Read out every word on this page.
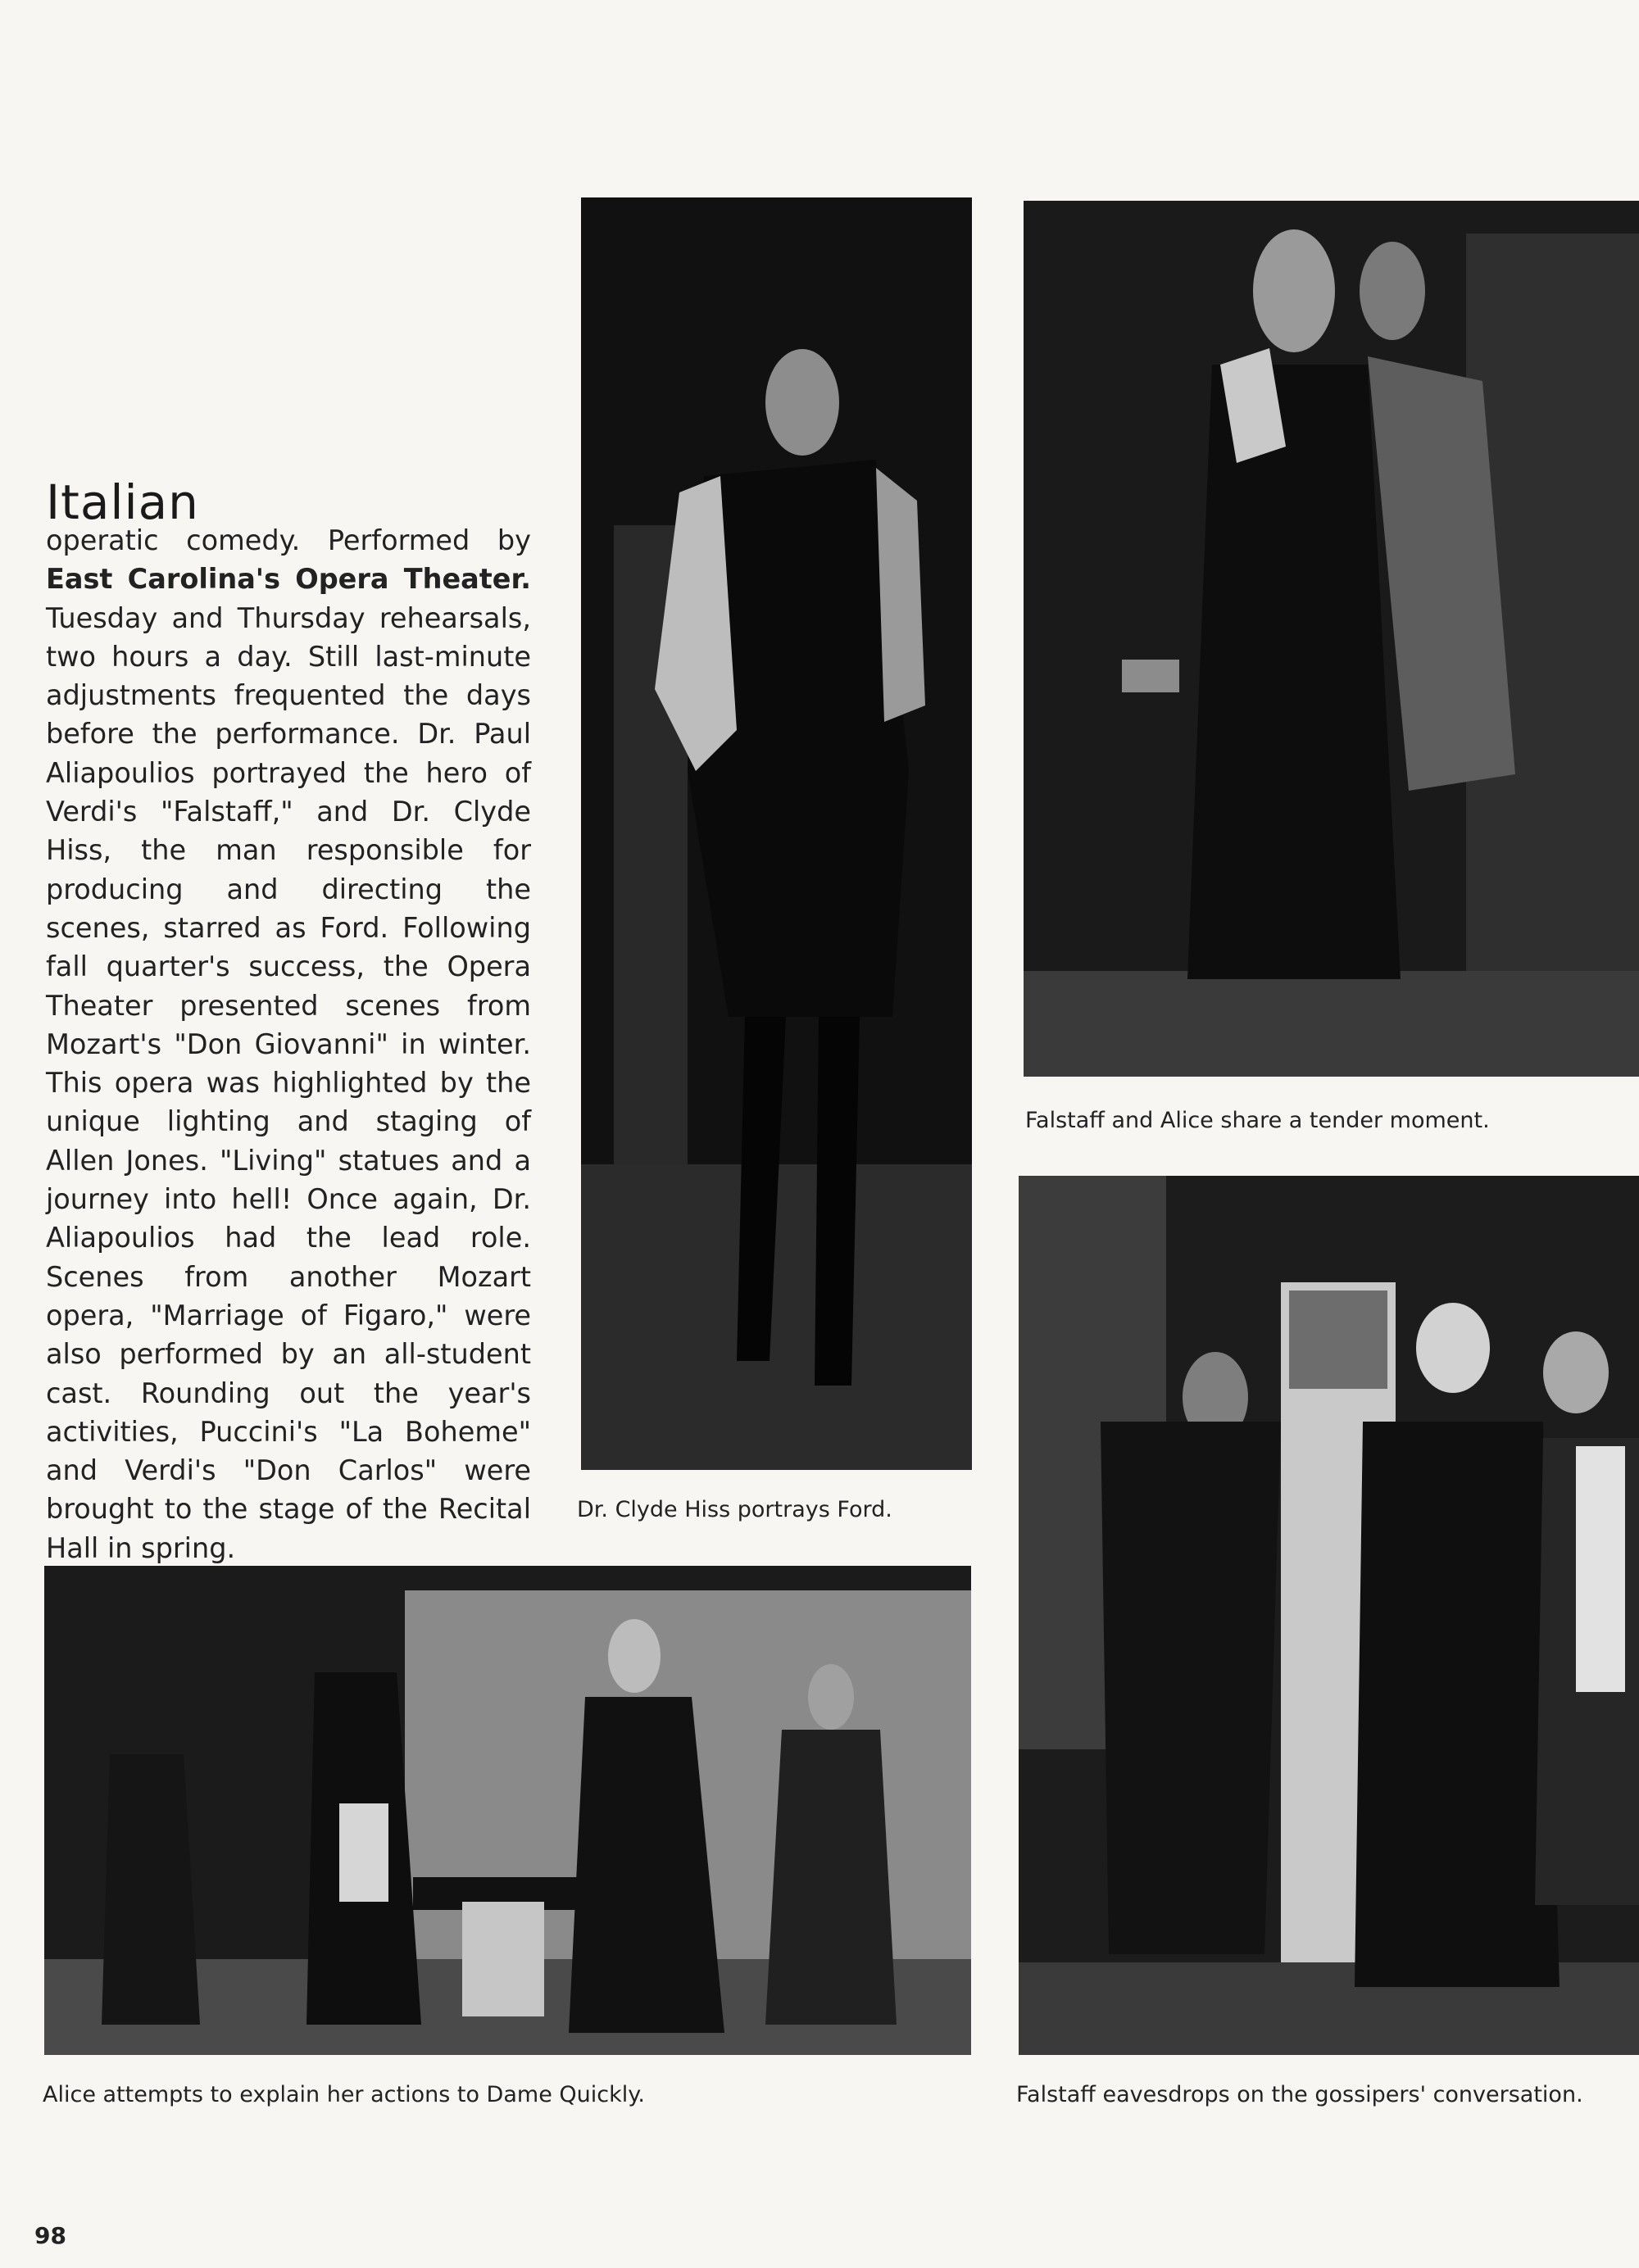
Italian
operatic comedy. Performed by East Carolina's Opera Theater. Tuesday and Thursday rehearsals, two hours a day. Still last-minute adjustments frequented the days before the performance. Dr. Paul Aliapoulios portrayed the hero of Verdi's "Falstaff," and Dr. Clyde Hiss, the man responsible for producing and directing the scenes, starred as Ford. Following fall quarter's success, the Opera Theater presented scenes from Mozart's "Don Giovanni" in winter. This opera was highlighted by the unique lighting and staging of Allen Jones. "Living" statues and a journey into hell! Once again, Dr. Aliapoulios had the lead role. Scenes from another Mozart opera, "Marriage of Figaro," were also performed by an all-student cast. Rounding out the year's activities, Puccini's "La Boheme" and Verdi's "Don Carlos" were brought to the stage of the Recital Hall in spring.
Dr. Clyde Hiss portrays Ford.
Falstaff and Alice share a tender moment.
Alice attempts to explain her actions to Dame Quickly.	Falstaff eavesdrops on the gossipers' conversation.
98
